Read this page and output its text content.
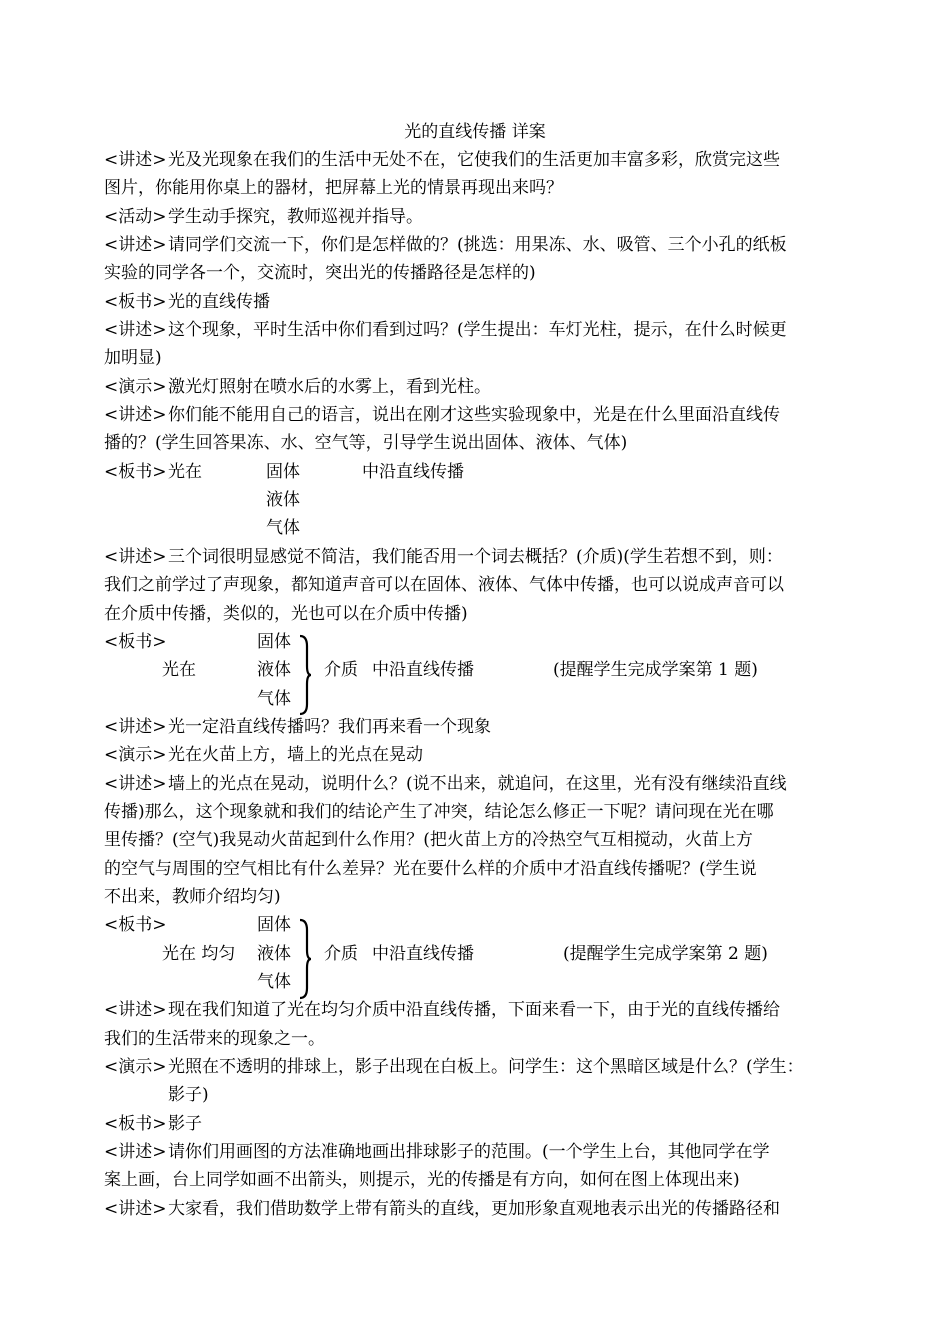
光的直线传播 详案
<讲述>光及光现象在我们的生活中无处不在，它使我们的生活更加丰富多彩，欣赏完这些
图片，你能用你桌上的器材，把屏幕上光的情景再现出来吗？
<活动>学生动手探究，教师巡视并指导。
<讲述>请同学们交流一下，你们是怎样做的？(挑选：用果冻、水、吸管、三个小孔的纸板
实验的同学各一个，交流时，突出光的传播路径是怎样的)
<板书>光的直线传播
<讲述>这个现象，平时生活中你们看到过吗？(学生提出：车灯光柱，提示，在什么时候更
加明显)
<演示>激光灯照射在喷水后的水雾上，看到光柱。
<讲述>你们能不能用自己的语言，说出在刚才这些实验现象中，光是在什么里面沿直线传
播的？(学生回答果冻、水、空气等，引导学生说出固体、液体、气体)
<板书>光在	固体	中沿直线传播
液体
气体
<讲述>三个词很明显感觉不简洁，我们能否用一个词去概括？(介质)(学生若想不到，则：
我们之前学过了声现象，都知道声音可以在固体、液体、气体中传播，也可以说成声音可以
在介质中传播，类似的，光也可以在介质中传播)
<板书>	固体
光在	液体
气体
介质 中沿直线传播	(提醒学生完成学案第 1 题)
<讲述>光一定沿直线传播吗？我们再来看一个现象
<演示>光在火苗上方，墙上的光点在晃动
<讲述>墙上的光点在晃动，说明什么？(说不出来，就追问，在这里，光有没有继续沿直线
传播)那么，这个现象就和我们的结论产生了冲突，结论怎么修正一下呢？请问现在光在哪
里传播？(空气)我晃动火苗起到什么作用？(把火苗上方的冷热空气互相搅动，火苗上方
的空气与周围的空气相比有什么差异？光在要什么样的介质中才沿直线传播呢？(学生说
不出来，教师介绍均匀)
<板书>	固体
光在 均匀 液体
气体
介质 中沿直线传播	(提醒学生完成学案第 2 题)
<讲述>现在我们知道了光在均匀介质中沿直线传播，下面来看一下，由于光的直线传播给
我们的生活带来的现象之一。
<演示>光照在不透明的排球上，影子出现在白板上。问学生：这个黑暗区域是什么？(学生：
影子)
<板书>影子
<讲述>请你们用画图的方法准确地画出排球影子的范围。(一个学生上台，其他同学在学
案上画，台上同学如画不出箭头，则提示，光的传播是有方向，如何在图上体现出来)
<讲述>大家看，我们借助数学上带有箭头的直线，更加形象直观地表示出光的传播路径和
